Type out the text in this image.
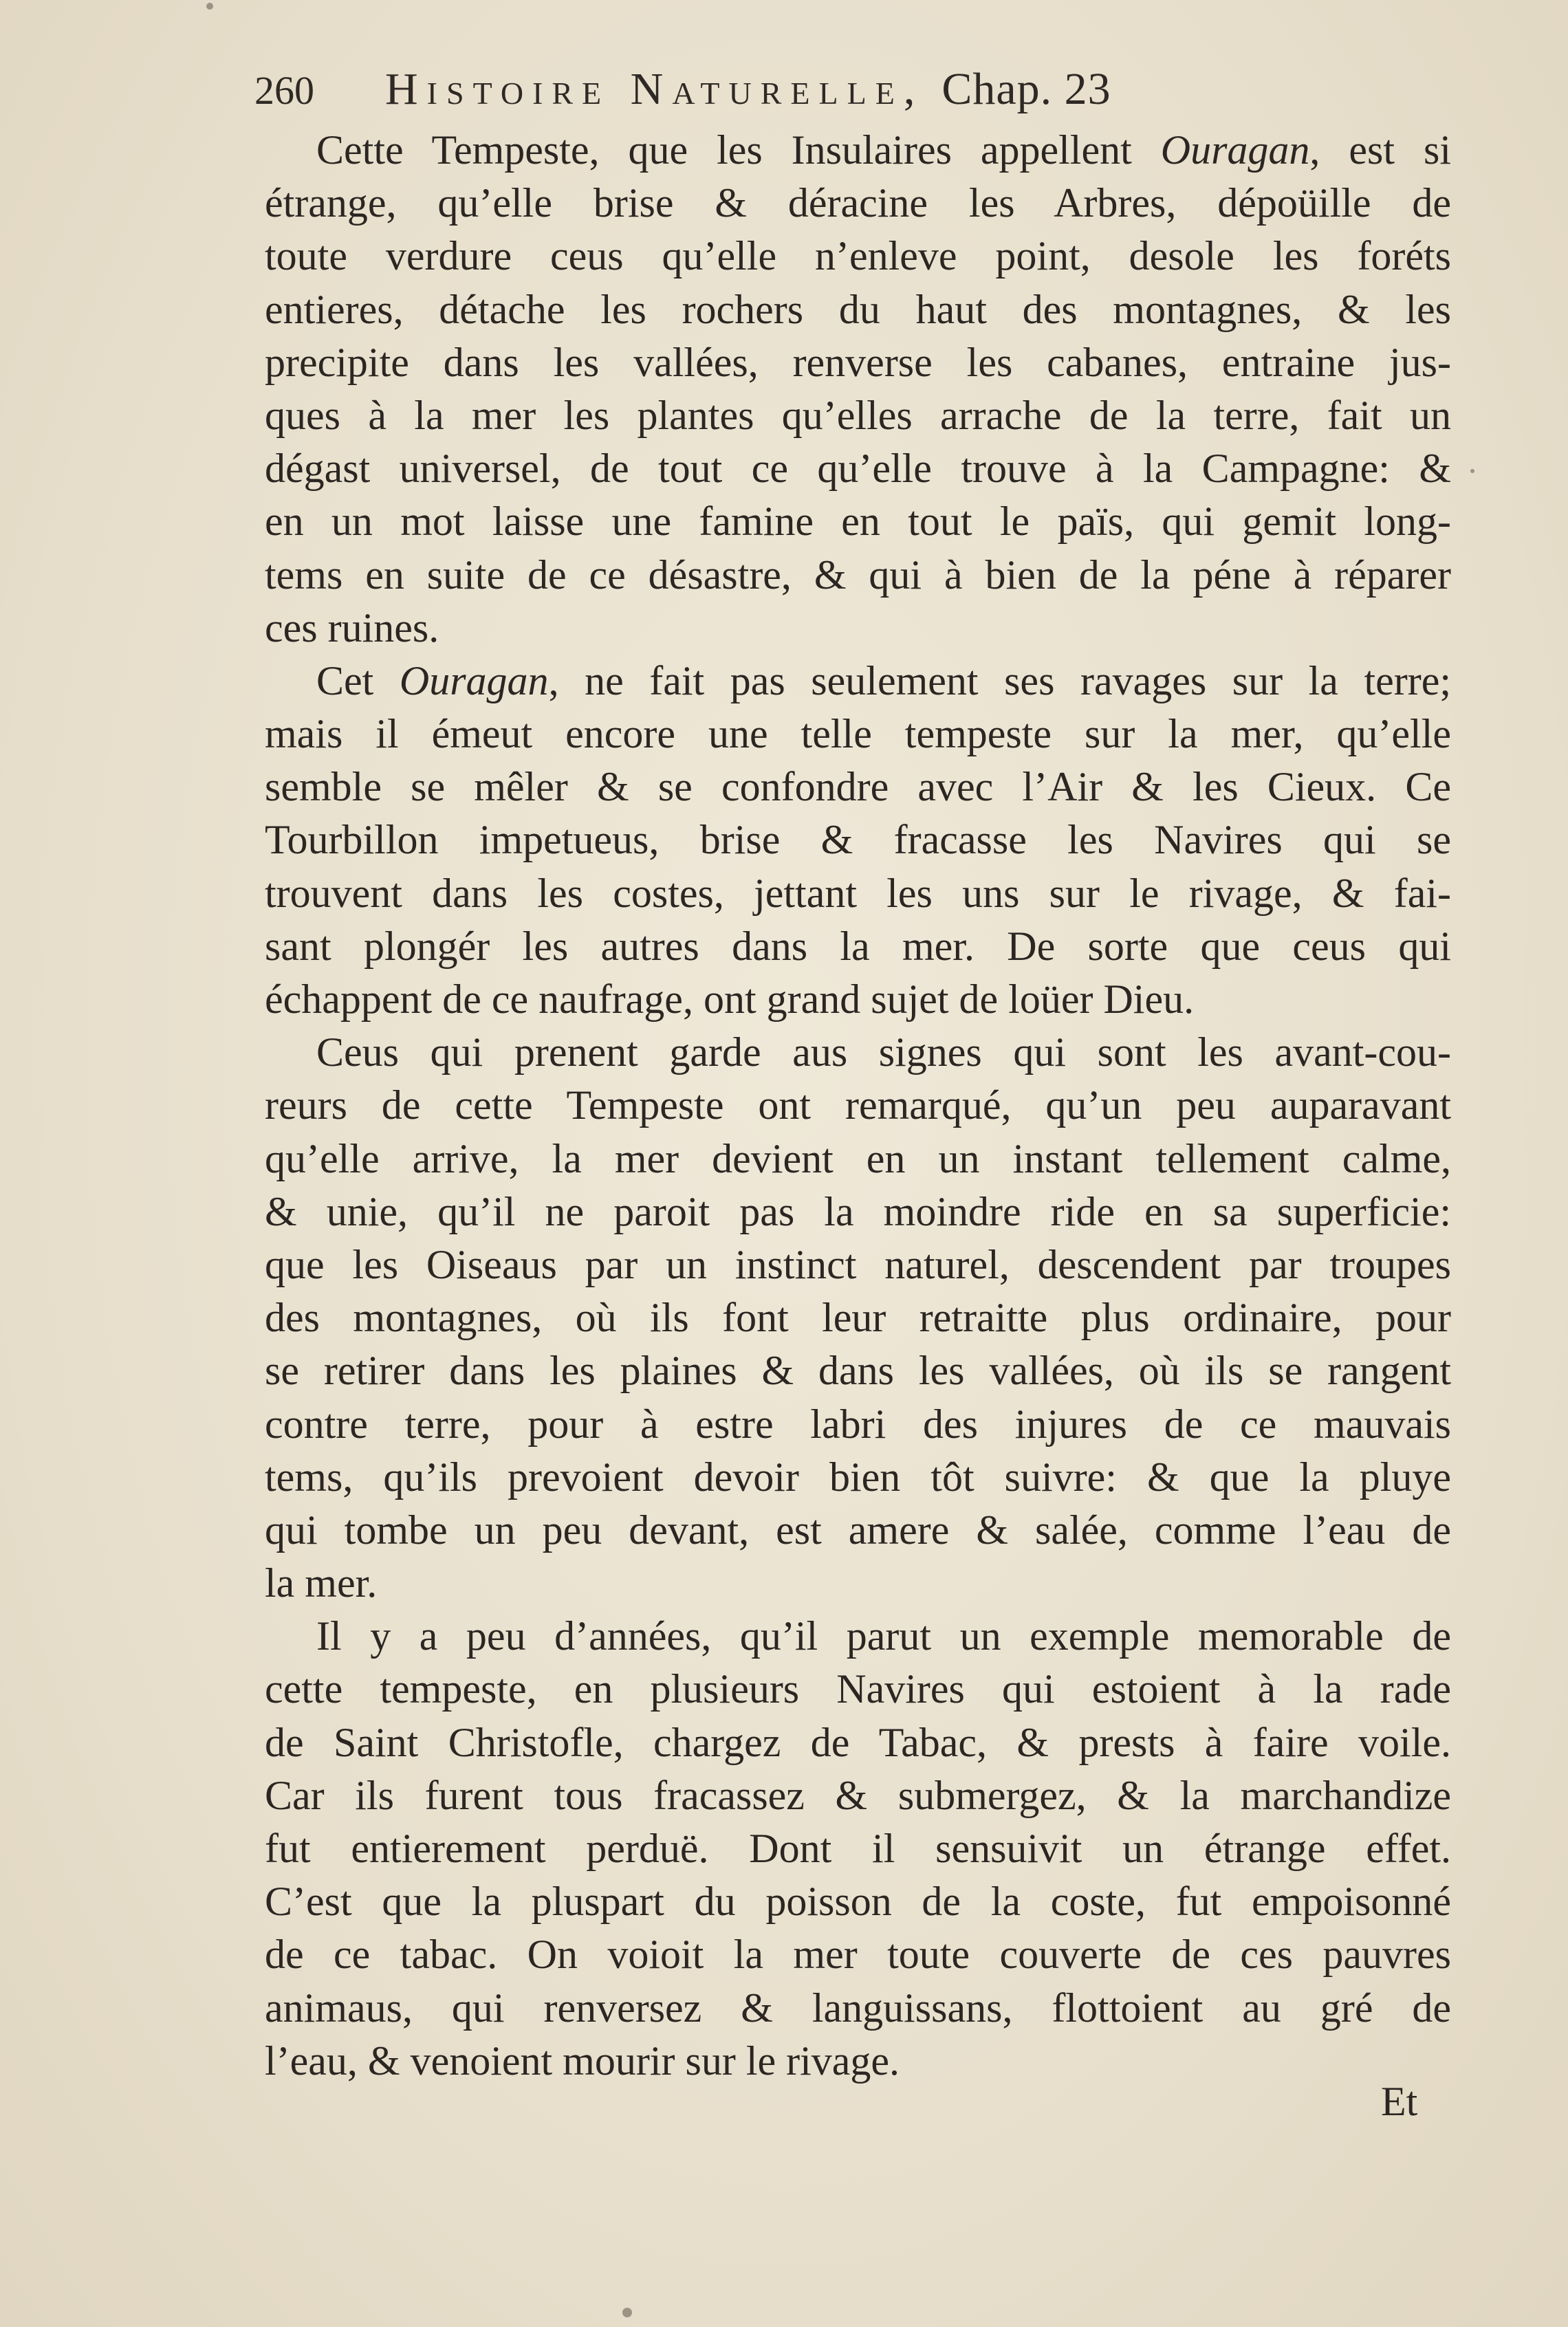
260	Histoire Naturelle, Chap. 23

Cette Tempeste, que les Insulaires appellent Ouragan, est si
étrange, qu’elle brise & déracine les Arbres, dépoüille de
toute verdure ceus qu’elle n’enleve point, desole les foréts
entieres, détache les rochers du haut des montagnes, & les
precipite dans les vallées, renverse les cabanes, entraine jus-
ques à la mer les plantes qu’elles arrache de la terre, fait un
dégast universel, de tout ce qu’elle trouve à la Campagne: &
en un mot laisse une famine en tout le païs, qui gemit long-
tems en suite de ce désastre, & qui à bien de la péne à réparer
ces ruines.

Cet Ouragan, ne fait pas seulement ses ravages sur la terre;
mais il émeut encore une telle tempeste sur la mer, qu’elle
semble se mêler & se confondre avec l’Air & les Cieux. Ce
Tourbillon impetueus, brise & fracasse les Navires qui se
trouvent dans les costes, jettant les uns sur le rivage, & fai-
sant plongér les autres dans la mer. De sorte que ceus qui
échappent de ce naufrage, ont grand sujet de loüer Dieu.

Ceus qui prenent garde aus signes qui sont les avant-cou-
reurs de cette Tempeste ont remarqué, qu’un peu auparavant
qu’elle arrive, la mer devient en un instant tellement calme,
& unie, qu’il ne paroit pas la moindre ride en sa superficie:
que les Oiseaus par un instinct naturel, descendent par troupes
des montagnes, où ils font leur retraitte plus ordinaire, pour
se retirer dans les plaines & dans les vallées, où ils se rangent
contre terre, pour à estre labri des injures de ce mauvais
tems, qu’ils prevoient devoir bien tôt suivre: & que la pluye
qui tombe un peu devant, est amere & salée, comme l’eau de
la mer.

Il y a peu d’années, qu’il parut un exemple memorable de
cette tempeste, en plusieurs Navires qui estoient à la rade
de Saint Christofle, chargez de Tabac, & prests à faire voile.
Car ils furent tous fracassez & submergez, & la marchandize
fut entierement perduë. Dont il sensuivit un étrange effet.
C’est que la pluspart du poisson de la coste, fut empoisonné
de ce tabac. On voioit la mer toute couverte de ces pauvres
animaus, qui renversez & languissans, flottoient au gré de
l’eau, & venoient mourir sur le rivage.

Et
